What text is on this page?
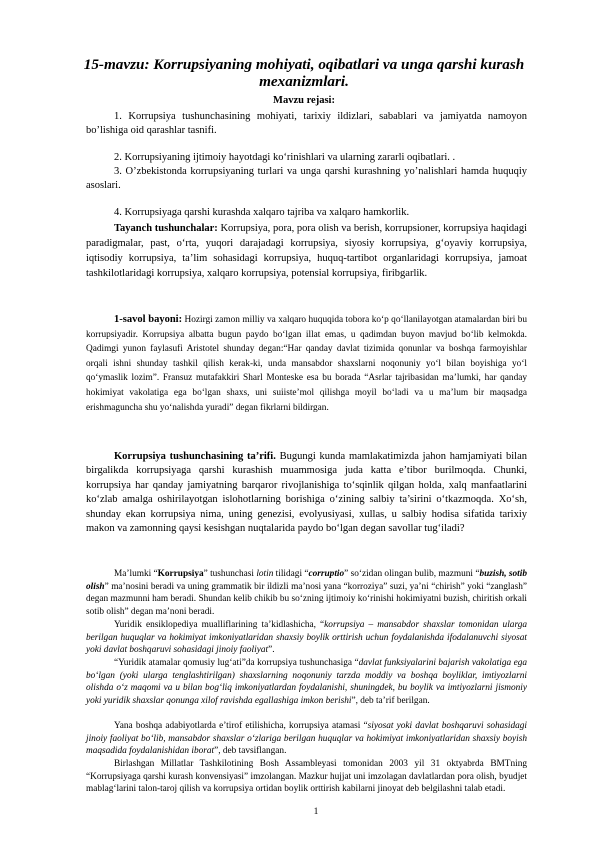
15-mavzu: Korrupsiyaning mohiyati, oqibatlari va unga qarshi kurash mexanizmlari.

Mavzu rejasi:

1. Korrupsiya tushunchasining mohiyati, tarixiy ildizlari, sabablari va jamiyatda namoyon bo’lishiga oid qarashlar tasnifi.

2. Korrupsiyaning ijtimoiy hayotdagi ko‘rinishlari va ularning zararli oqibatlari. .

3. O’zbekistonda korrupsiyaning turlari va unga qarshi kurashning yo’nalishlari hamda huquqiy asoslari.

4. Korrupsiyaga qarshi kurashda xalqaro tajriba va xalqaro hamkorlik.

Tayanch tushunchalar: Korrupsiya, pora, pora olish va berish, korrupsioner, korrupsiya haqidagi paradigmalar, past, o‘rta, yuqori darajadagi korrupsiya, siyosiy korrupsiya, g‘oyaviy korrupsiya, iqtisodiy korrupsiya, ta’lim sohasidagi korrupsiya, huquq-tartibot organlaridagi korrupsiya, jamoat tashkilotlaridagi korrupsiya, xalqaro korrupsiya, potensial korrupsiya, firibgarlik.

1-savol bayoni: Hozirgi zamon milliy va xalqaro huquqida tobora ko‘p qo‘llanilayotgan atamalardan biri bu korrupsiyadir. Korrupsiya albatta bugun paydo bo‘lgan illat emas, u qadimdan buyon mavjud bo‘lib kelmokda. Qadimgi yunon faylasufi Aristotel shunday degan:“Har qanday davlat tizimida qonunlar va boshqa farmoyishlar orqali ishni shunday tashkil qilish kerak-ki, unda mansabdor shaxslarni noqonuniy yo‘l bilan boyishiga yo‘l qo‘ymaslik lozim”. Fransuz mutafakkiri Sharl Monteske esa bu borada “Asrlar tajribasidan ma’lumki, har qanday hokimiyat vakolatiga ega bo‘lgan shaxs, uni suiiste’mol qilishga moyil bo‘ladi va u ma’lum bir maqsadga erishmaguncha shu yo‘nalishda yuradi” degan fikrlarni bildirgan.

Korrupsiya tushunchasining ta’rifi. Bugungi kunda mamlakatimizda jahon hamjamiyati bilan birgalikda korrupsiyaga qarshi kurashish muammosiga juda katta e’tibor burilmoqda. Chunki, korrupsiya har qanday jamiyatning barqaror rivojlanishiga to‘sqinlik qilgan holda, xalq manfaatlarini ko‘zlab amalga oshirilayotgan islohotlarning borishiga o‘zining salbiy ta’sirini o‘tkazmoqda. Xo‘sh, shunday ekan korrupsiya nima, uning genezisi, evolyusiyasi, xullas, u salbiy hodisa sifatida tarixiy makon va zamonning qaysi kesishgan nuqtalarida paydo bo‘lgan degan savollar tug‘iladi?

Ma’lumki “Korrupsiya” tushunchasi lotin tilidagi “corruptio” so‘zidan olingan bulib, mazmuni “buzish, sotib olish” ma’nosini beradi va uning grammatik bir ildizli ma’nosi yana “korroziya” suzi, ya’ni “chirish” yoki “zanglash” degan mazmunni ham beradi. Shundan kelib chikib bu so‘zning ijtimoiy ko‘rinishi hokimiyatni buzish, chiritish orkali sotib olish” degan ma’noni beradi.

Yuridik ensiklopediya mualliflarining ta’kidlashicha, “korrupsiya – mansabdor shaxslar tomonidan ularga berilgan huquqlar va hokimiyat imkoniyatlaridan shaxsiy boylik orttirish uchun foydalanishda ifodalanuvchi siyosat yoki davlat boshqaruvi sohasidagi jinoiy faoliyat”.

“Yuridik atamalar qomusiy lug‘ati”da korrupsiya tushunchasiga “davlat funksiyalarini bajarish vakolatiga ega bo‘lgan (yoki ularga tenglashtirilgan) shaxslarning noqonuniy tarzda moddiy va boshqa boyliklar, imtiyozlarni olishda o‘z maqomi va u bilan bog‘liq imkoniyatlardan foydalanishi, shuningdek, bu boylik va imtiyozlarni jismoniy yoki yuridik shaxslar qonunga xilof ravishda egallashiga imkon berishi”, deb ta’rif berilgan.

Yana boshqa adabiyotlarda e’tirof etilishicha, korrupsiya atamasi “siyosat yoki davlat boshqaruvi sohasidagi jinoiy faoliyat bo‘lib, mansabdor shaxslar o‘zlariga berilgan huquqlar va hokimiyat imkoniyatlaridan shaxsiy boyish maqsadida foydalanishidan iborat”, deb tavsiflangan.

Birlashgan Millatlar Tashkilotining Bosh Assambleyasi tomonidan 2003 yil 31 oktyabrda BMTning “Korrupsiyaga qarshi kurash konvensiyasi” imzolangan. Mazkur hujjat uni imzolagan davlatlardan pora olish, byudjet mablag‘larini talon-taroj qilish va korrupsiya ortidan boylik orttirish kabilarni jinoyat deb belgilashni talab etadi.

1
